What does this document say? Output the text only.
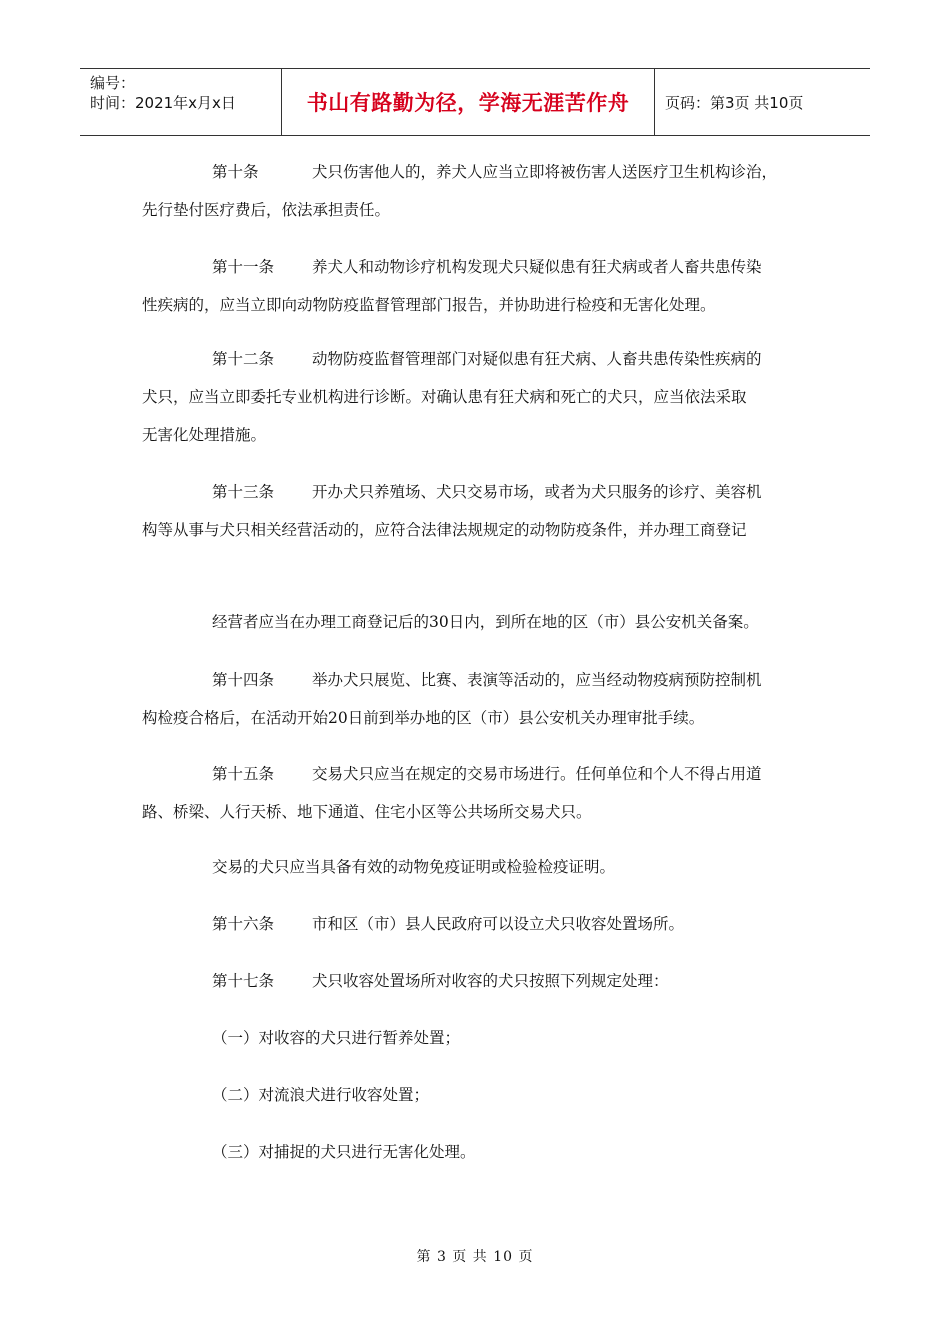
编号：
时间：2021年x月x日	书山有路勤为径，学海无涯苦作舟	页码：第3页 共10页
第十条	犬只伤害他人的，养犬人应当立即将被伤害人送医疗卫生机构诊治，
先行垫付医疗费后，依法承担责任。
第十一条 养犬人和动物诊疗机构发现犬只疑似患有狂犬病或者人畜共患传染
性疾病的，应当立即向动物防疫监督管理部门报告，并协助进行检疫和无害化处理。
第十二条 动物防疫监督管理部门对疑似患有狂犬病、人畜共患传染性疾病的
犬只，应当立即委托专业机构进行诊断。对确认患有狂犬病和死亡的犬只，应当依法采取
无害化处理措施。
第十三条 开办犬只养殖场、犬只交易市场，或者为犬只服务的诊疗、美容机
构等从事与犬只相关经营活动的，应符合法律法规规定的动物防疫条件，并办理工商登记
经营者应当在办理工商登记后的30日内，到所在地的区（市）县公安机关备案。
第十四条 举办犬只展览、比赛、表演等活动的，应当经动物疫病预防控制机
构检疫合格后，在活动开始20日前到举办地的区（市）县公安机关办理审批手续。
第十五条 交易犬只应当在规定的交易市场进行。任何单位和个人不得占用道
路、桥梁、人行天桥、地下通道、住宅小区等公共场所交易犬只。
交易的犬只应当具备有效的动物免疫证明或检验检疫证明。
第十六条 市和区（市）县人民政府可以设立犬只收容处置场所。
第十七条 犬只收容处置场所对收容的犬只按照下列规定处理：
（一）对收容的犬只进行暂养处置；
（二）对流浪犬进行收容处置；
（三）对捕捉的犬只进行无害化处理。
第 3 页 共 10 页
